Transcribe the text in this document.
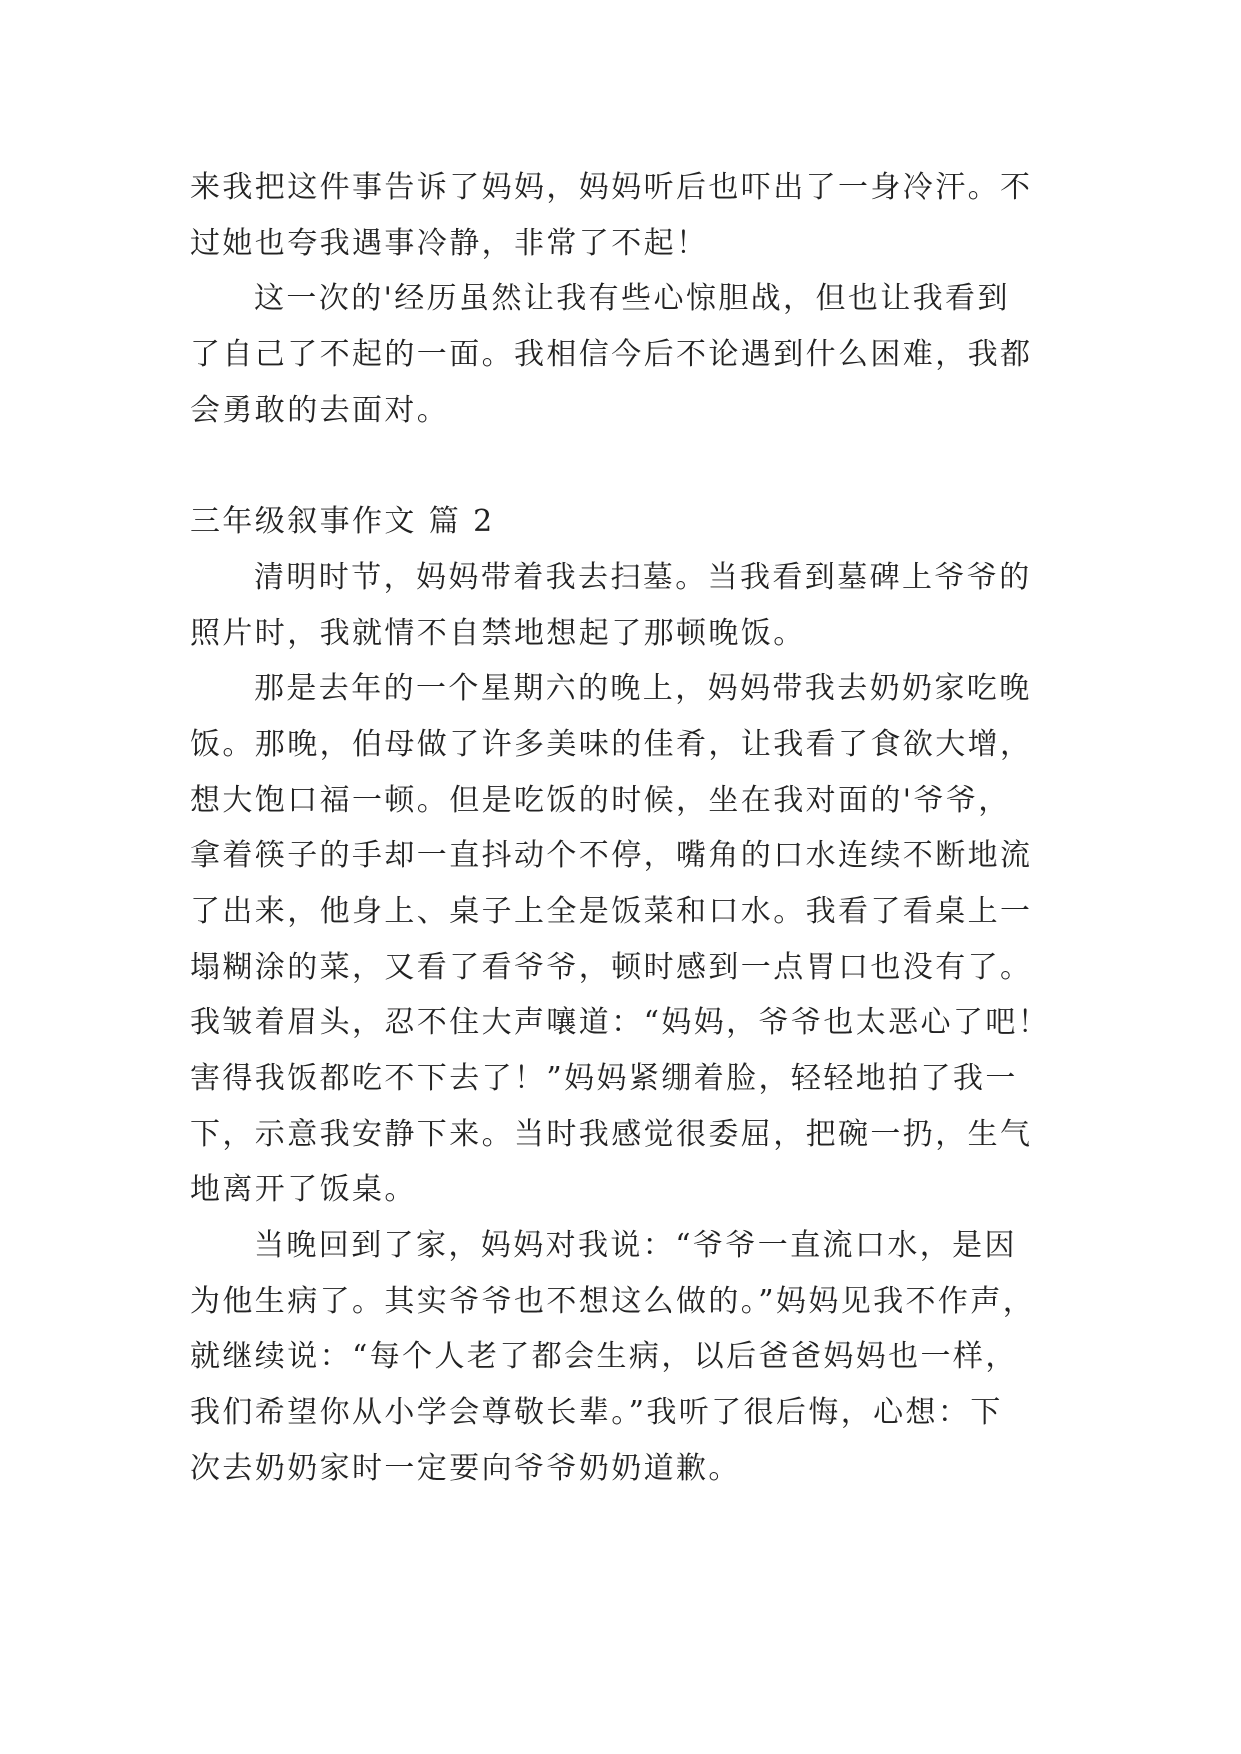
来我把这件事告诉了妈妈，妈妈听后也吓出了一身冷汗。不
过她也夸我遇事冷静，非常了不起！
这一次的'经历虽然让我有些心惊胆战，但也让我看到
了自己了不起的一面。我相信今后不论遇到什么困难，我都
会勇敢的去面对。
三年级叙事作文 篇 2
清明时节，妈妈带着我去扫墓。当我看到墓碑上爷爷的
照片时，我就情不自禁地想起了那顿晚饭。
那是去年的一个星期六的晚上，妈妈带我去奶奶家吃晚
饭。那晚，伯母做了许多美味的佳肴，让我看了食欲大增，
想大饱口福一顿。但是吃饭的时候，坐在我对面的'爷爷，
拿着筷子的手却一直抖动个不停，嘴角的口水连续不断地流
了出来，他身上、桌子上全是饭菜和口水。我看了看桌上一
塌糊涂的菜，又看了看爷爷，顿时感到一点胃口也没有了。
我皱着眉头，忍不住大声嚷道：“妈妈，爷爷也太恶心了吧！
害得我饭都吃不下去了！”妈妈紧绷着脸，轻轻地拍了我一
下，示意我安静下来。当时我感觉很委屈，把碗一扔，生气
地离开了饭桌。
当晚回到了家，妈妈对我说：“爷爷一直流口水，是因
为他生病了。其实爷爷也不想这么做的。”妈妈见我不作声，
就继续说：“每个人老了都会生病，以后爸爸妈妈也一样，
我们希望你从小学会尊敬长辈。”我听了很后悔，心想：下
次去奶奶家时一定要向爷爷奶奶道歉。
